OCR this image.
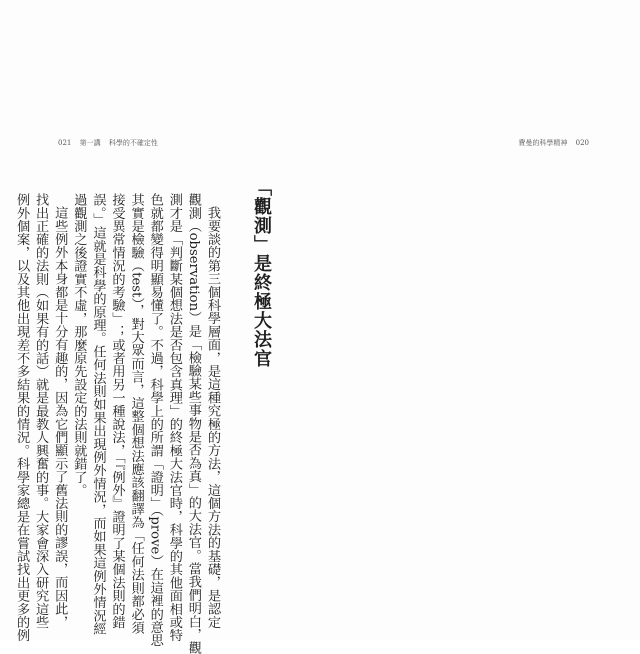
021 第一講 科學的不確定性	費曼的科學精神 020
「觀測」是終極大法官
我要談的第三個科學層面，是這種究極的方法，這個方法的基礎，是認定
觀測（observation）是「檢驗某些事物是否為真」的大法官。當我們明白，觀
測才是「判斷某個想法是否包含真理」的終極大法官時，科學的其他面相或特
色就都變得明顯易懂了。不過，科學上的所謂「證明」（prove）在這裡的意思
其實是檢驗（test），對大眾而言，這整個想法應該翻譯為「任何法則都必須
接受異常情況的考驗」；或者用另一種說法，「『例外』證明了某個法則的錯
誤。」這就是科學的原理。任何法則如果出現例外情況，而如果這例外情況經
過觀測之後證實不虛，那麼原先設定的法則就錯了。
這些例外本身都是十分有趣的，因為它們顯示了舊法則的謬誤，而因此，
找出正確的法則（如果有的話）就是最教人興奮的事。大家會深入研究這些
例外個案，以及其他出現差不多結果的情況。科學家總是在嘗試找出更多的例
